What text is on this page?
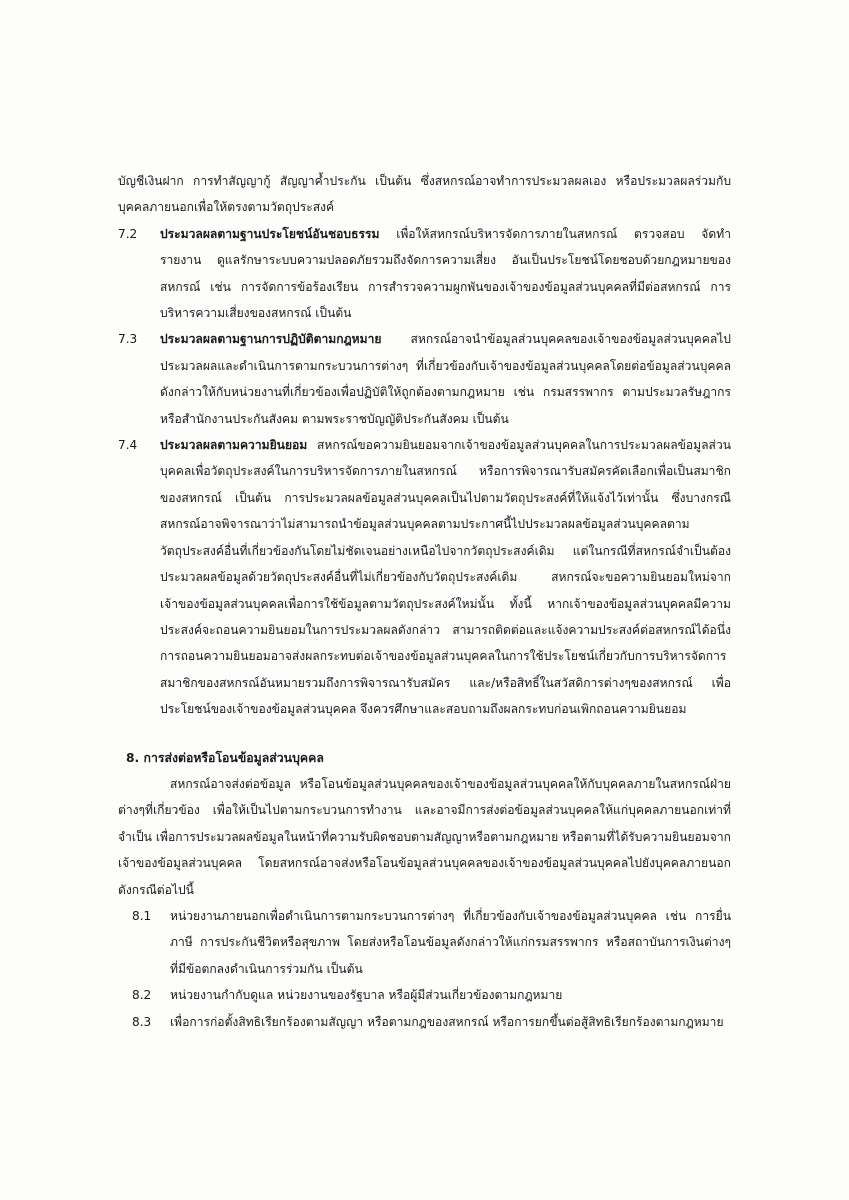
บัญชีเงินฝาก การทำสัญญากู้ สัญญาค้ำประกัน เป็นต้น ซึ่งสหกรณ์อาจทำการประมวลผลเอง หรือประมวลผลร่วมกับบุคคลภายนอกเพื่อให้ตรงตามวัตถุประสงค์

7.2 ประมวลผลตามฐานประโยชน์อันชอบธรรม เพื่อให้สหกรณ์บริหารจัดการภายในสหกรณ์ ตรวจสอบ จัดทำรายงาน ดูแลรักษาระบบความปลอดภัยรวมถึงจัดการความเสี่ยง อันเป็นประโยชน์โดยชอบด้วยกฎหมายของสหกรณ์ เช่น การจัดการข้อร้องเรียน การสำรวจความผูกพันของเจ้าของข้อมูลส่วนบุคคลที่มีต่อสหกรณ์ การบริหารความเสี่ยงของสหกรณ์ เป็นต้น

7.3 ประมวลผลตามฐานการปฏิบัติตามกฎหมาย สหกรณ์อาจนำข้อมูลส่วนบุคคลของเจ้าของข้อมูลส่วนบุคคลไปประมวลผลและดำเนินการตามกระบวนการต่างๆ ที่เกี่ยวข้องกับเจ้าของข้อมูลส่วนบุคคลโดยต่อข้อมูลส่วนบุคคลดังกล่าวให้กับหน่วยงานที่เกี่ยวข้องเพื่อปฏิบัติให้ถูกต้องตามกฎหมาย เช่น กรมสรรพากร ตามประมวลรัษฎากร หรือสำนักงานประกันสังคม ตามพระราชบัญญัติประกันสังคม เป็นต้น

7.4 ประมวลผลตามความยินยอม สหกรณ์ขอความยินยอมจากเจ้าของข้อมูลส่วนบุคคลในการประมวลผลข้อมูลส่วนบุคคลเพื่อวัตถุประสงค์ในการบริหารจัดการภายในสหกรณ์ หรือการพิจารณารับสมัครคัดเลือกเพื่อเป็นสมาชิกของสหกรณ์ เป็นต้น การประมวลผลข้อมูลส่วนบุคคลเป็นไปตามวัตถุประสงค์ที่ให้แจ้งไว้เท่านั้น ซึ่งบางกรณีสหกรณ์อาจพิจารณาว่าไม่สามารถนำข้อมูลส่วนบุคคลตามประกาศนี้ไปประมวลผลข้อมูลส่วนบุคคลตามวัตถุประสงค์อื่นที่เกี่ยวข้องกันโดยไม่ชัดเจนอย่างเหนือไปจากวัตถุประสงค์เดิม แต่ในกรณีที่สหกรณ์จำเป็นต้องประมวลผลข้อมูลด้วยวัตถุประสงค์อื่นที่ไม่เกี่ยวข้องกับวัตถุประสงค์เดิม สหกรณ์จะขอความยินยอมใหม่จากเจ้าของข้อมูลส่วนบุคคลเพื่อการใช้ข้อมูลตามวัตถุประสงค์ใหม่นั้น ทั้งนี้ หากเจ้าของข้อมูลส่วนบุคคลมีความประสงค์จะถอนความยินยอมในการประมวลผลดังกล่าว สามารถติดต่อและแจ้งความประสงค์ต่อสหกรณ์ได้อนึ่ง การถอนความยินยอมอาจส่งผลกระทบต่อเจ้าของข้อมูลส่วนบุคคลในการใช้ประโยชน์เกี่ยวกับการบริหารจัดการสมาชิกของสหกรณ์อันหมายรวมถึงการพิจารณารับสมัคร และ/หรือสิทธิ์ในสวัสดิการต่างๆของสหกรณ์ เพื่อประโยชน์ของเจ้าของข้อมูลส่วนบุคคล จึงควรศึกษาและสอบถามถึงผลกระทบก่อนเพิกถอนความยินยอม

8. การส่งต่อหรือโอนข้อมูลส่วนบุคคล

สหกรณ์อาจส่งต่อข้อมูล หรือโอนข้อมูลส่วนบุคคลของเจ้าของข้อมูลส่วนบุคคลให้กับบุคคลภายในสหกรณ์ฝ่ายต่างๆที่เกี่ยวข้อง เพื่อให้เป็นไปตามกระบวนการทำงาน และอาจมีการส่งต่อข้อมูลส่วนบุคคลให้แก่บุคคลภายนอกเท่าที่จำเป็น เพื่อการประมวลผลข้อมูลในหน้าที่ความรับผิดชอบตามสัญญาหรือตามกฎหมาย หรือตามที่ได้รับความยินยอมจากเจ้าของข้อมูลส่วนบุคคล โดยสหกรณ์อาจส่งหรือโอนข้อมูลส่วนบุคคลของเจ้าของข้อมูลส่วนบุคคลไปยังบุคคลภายนอก ดังกรณีต่อไปนี้

8.1 หน่วยงานภายนอกเพื่อดำเนินการตามกระบวนการต่างๆ ที่เกี่ยวข้องกับเจ้าของข้อมูลส่วนบุคคล เช่น การยื่นภาษี การประกันชีวิตหรือสุขภาพ โดยส่งหรือโอนข้อมูลดังกล่าวให้แก่กรมสรรพากร หรือสถาบันการเงินต่างๆ ที่มีข้อตกลงดำเนินการร่วมกัน เป็นต้น

8.2 หน่วยงานกำกับดูแล หน่วยงานของรัฐบาล หรือผู้มีส่วนเกี่ยวข้องตามกฎหมาย

8.3 เพื่อการก่อตั้งสิทธิเรียกร้องตามสัญญา หรือตามกฎของสหกรณ์ หรือการยกขึ้นต่อสู้สิทธิเรียกร้องตามกฎหมาย
